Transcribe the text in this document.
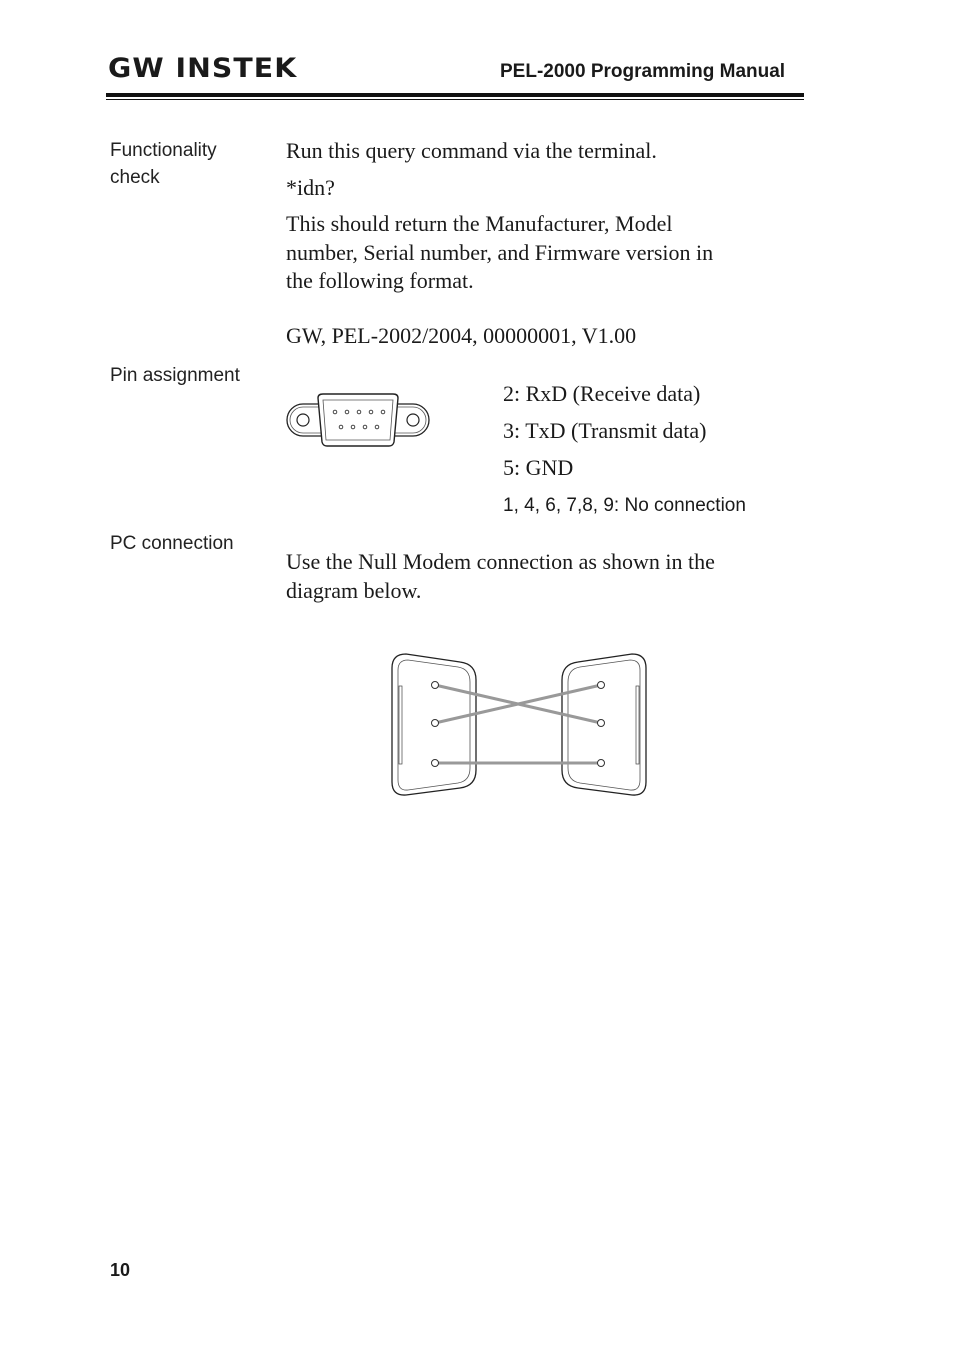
GW INSTEK	PEL-2000 Programming Manual
Functionality
check
Run this query command via the terminal.
*idn?
This should return the Manufacturer, Model
number, Serial number, and Firmware version in
the following format.
GW, PEL-2002/2004, 00000001, V1.00
Pin assignment
2: RxD (Receive data)
3: TxD (Transmit data)
5: GND
1, 4, 6, 7,8, 9: No connection
PC connection
Use the Null Modem connection as shown in the
diagram below.
10
